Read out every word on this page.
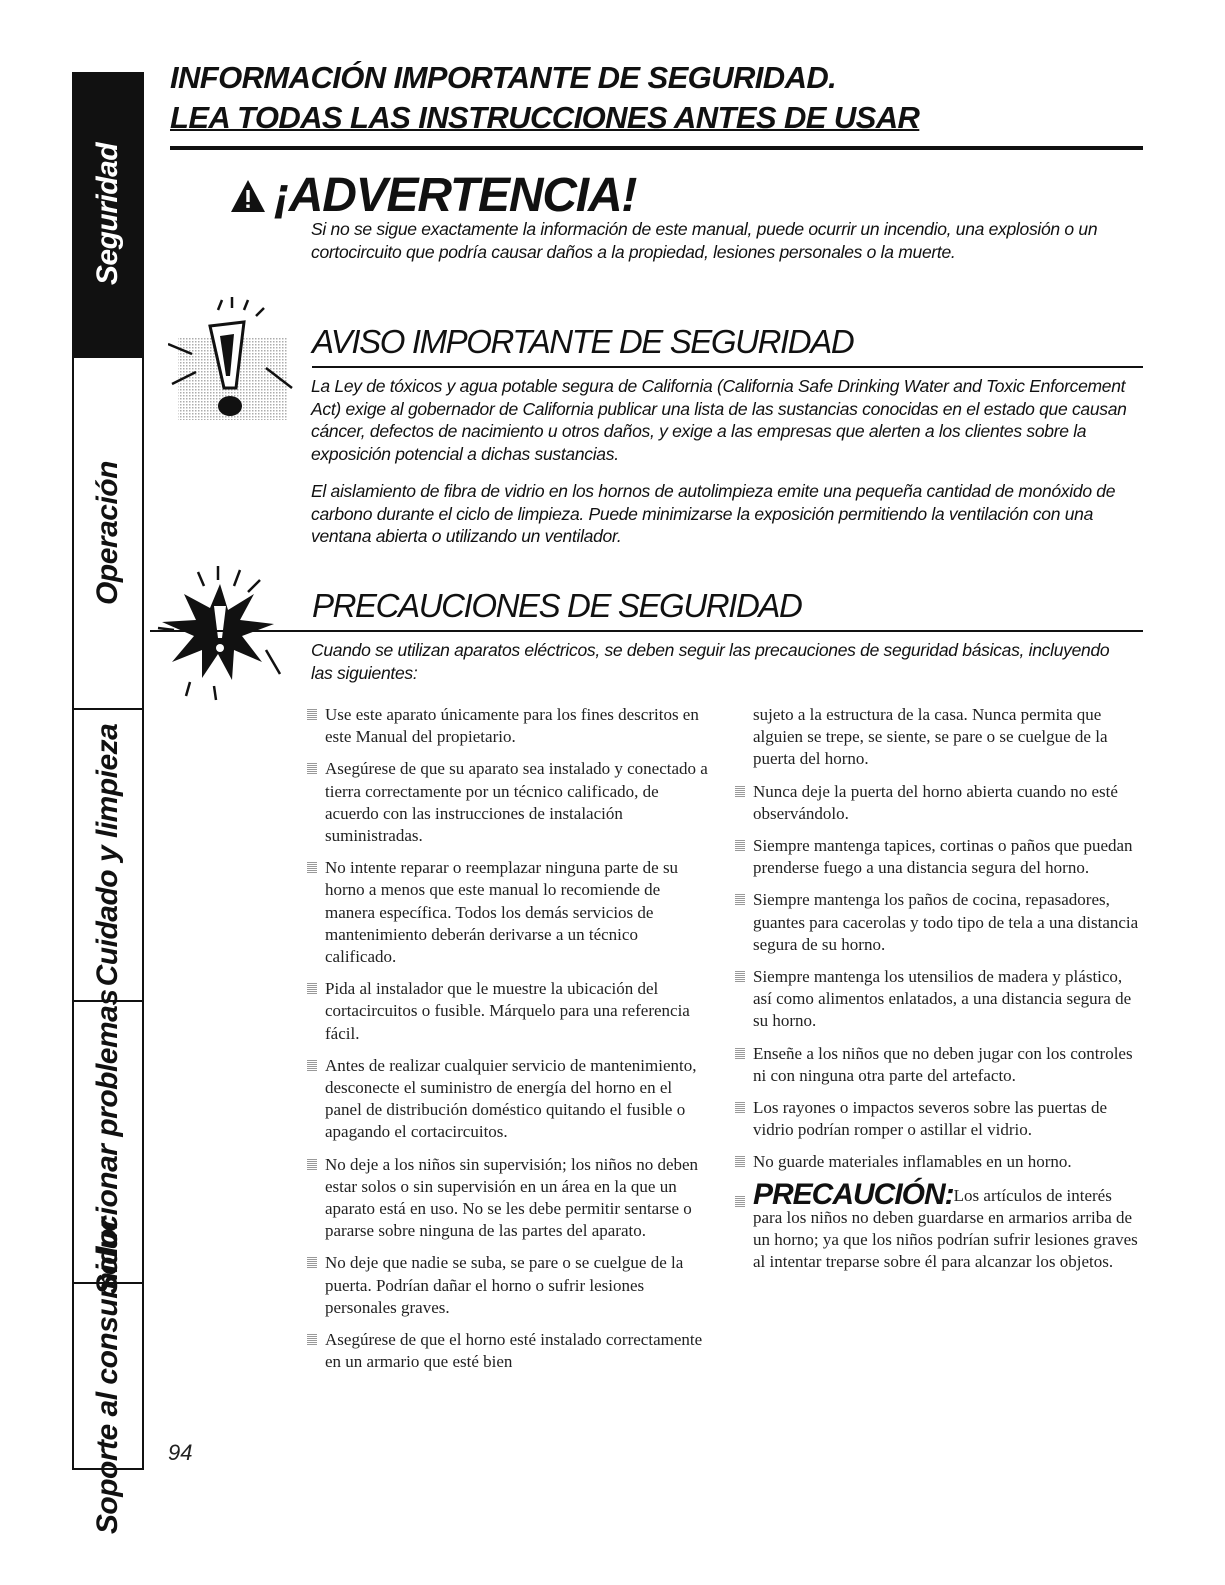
Seguridad
Operación
Cuidado y limpieza
Solucionar problemas
Soporte al consumidor
INFORMACIÓN IMPORTANTE DE SEGURIDAD.
LEA TODAS LAS INSTRUCCIONES ANTES DE USAR
¡ADVERTENCIA!
Si no se sigue exactamente la información de este manual, puede ocurrir un incendio, una explosión o un cortocircuito que podría causar daños a la propiedad, lesiones personales o la muerte.
AVISO IMPORTANTE DE SEGURIDAD

La Ley de tóxicos y agua potable segura de California (California Safe Drinking Water and Toxic Enforcement Act) exige al gobernador de California publicar una lista de las sustancias conocidas en el estado que causan cáncer, defectos de nacimiento u otros daños, y exige a las empresas que alerten a los clientes sobre la exposición potencial a dichas sustancias.

El aislamiento de fibra de vidrio en los hornos de autolimpieza emite una pequeña cantidad de monóxido de carbono durante el ciclo de limpieza. Puede minimizarse la exposición permitiendo la ventilación con una ventana abierta o utilizando un ventilador.

PRECAUCIONES DE SEGURIDAD
Cuando se utilizan aparatos eléctricos, se deben seguir las precauciones de seguridad básicas, incluyendo las siguientes:
Use este aparato únicamente para los fines descritos en este Manual del propietario.
Asegúrese de que su aparato sea instalado y conectado a tierra correctamente por un técnico calificado, de acuerdo con las instrucciones de instalación suministradas.
No intente reparar o reemplazar ninguna parte de su horno a menos que este manual lo recomiende de manera específica. Todos los demás servicios de mantenimiento deberán derivarse a un técnico calificado.
Pida al instalador que le muestre la ubicación del cortacircuitos o fusible. Márquelo para una referencia fácil.
Antes de realizar cualquier servicio de mantenimiento, desconecte el suministro de energía del horno en el panel de distribución doméstico quitando el fusible o apagando el cortacircuitos.
No deje a los niños sin supervisión; los niños no deben estar solos o sin supervisión en un área en la que un aparato está en uso. No se les debe permitir sentarse o pararse sobre ninguna de las partes del aparato.
No deje que nadie se suba, se pare o se cuelgue de la puerta. Podrían dañar el horno o sufrir lesiones personales graves.
Asegúrese de que el horno esté instalado correctamente en un armario que esté bien
sujeto a la estructura de la casa. Nunca permita que alguien se trepe, se siente, se pare o se cuelgue de la puerta del horno.
Nunca deje la puerta del horno abierta cuando no esté observándolo.
Siempre mantenga tapices, cortinas o paños que puedan prenderse fuego a una distancia segura del horno.
Siempre mantenga los paños de cocina, repasadores, guantes para cacerolas y todo tipo de tela a una distancia segura de su horno.
Siempre mantenga los utensilios de madera y plástico, así como alimentos enlatados, a una distancia segura de su horno.
Enseñe a los niños que no deben jugar con los controles ni con ninguna otra parte del artefacto.
Los rayones o impactos severos sobre las puertas de vidrio podrían romper o astillar el vidrio.
No guarde materiales inflamables en un horno.
PRECAUCIÓN:Los artículos de interés para los niños no deben guardarse en armarios arriba de un horno; ya que los niños podrían sufrir lesiones graves al intentar treparse sobre él para alcanzar los objetos.
94
